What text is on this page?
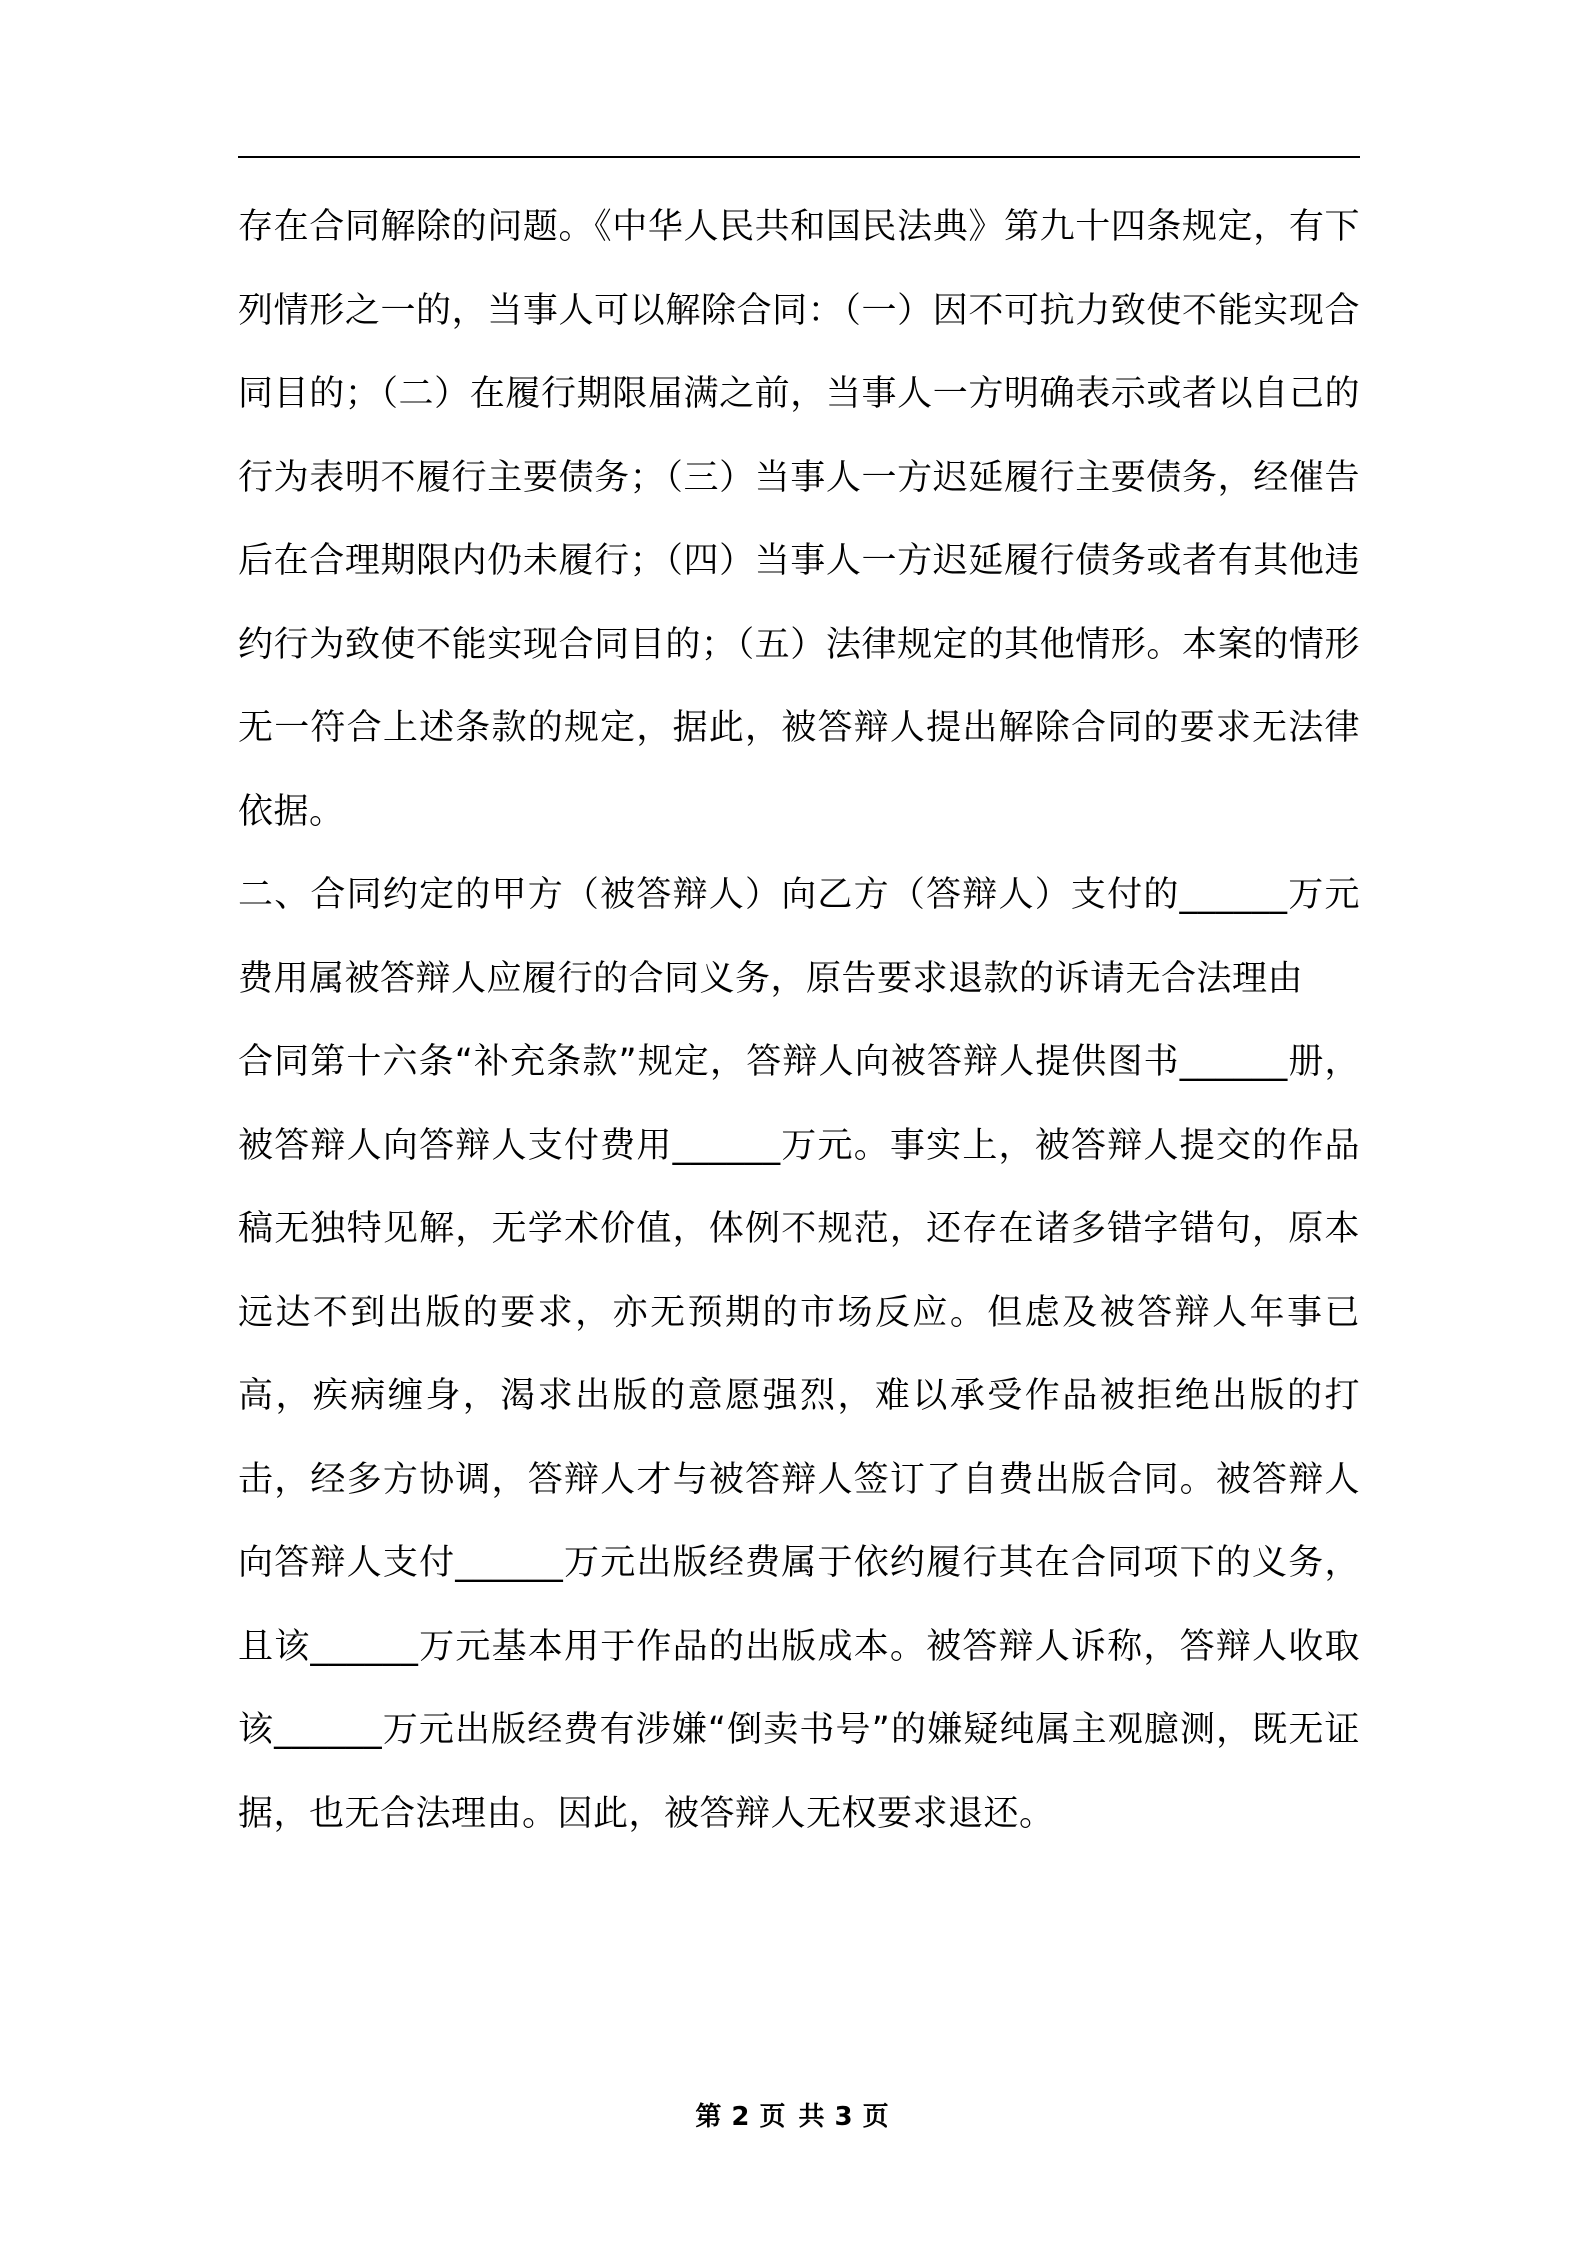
存在合同解除的问题。《中华人民共和国民法典》第九十四条规定，有下列情形之一的，当事人可以解除合同：（一）因不可抗力致使不能实现合同目的；（二）在履行期限届满之前，当事人一方明确表示或者以自己的行为表明不履行主要债务；（三）当事人一方迟延履行主要债务，经催告后在合理期限内仍未履行；（四）当事人一方迟延履行债务或者有其他违约行为致使不能实现合同目的；（五）法律规定的其他情形。本案的情形无一符合上述条款的规定，据此，被答辩人提出解除合同的要求无法律依据。

二、合同约定的甲方（被答辩人）向乙方（答辩人）支付的______万元费用属被答辩人应履行的合同义务，原告要求退款的诉请无合法理由

合同第十六条“补充条款”规定，答辩人向被答辩人提供图书______册，被答辩人向答辩人支付费用______万元。事实上，被答辩人提交的作品稿无独特见解，无学术价值，体例不规范，还存在诸多错字错句，原本远达不到出版的要求，亦无预期的市场反应。但虑及被答辩人年事已高，疾病缠身，渴求出版的意愿强烈，难以承受作品被拒绝出版的打击，经多方协调，答辩人才与被答辩人签订了自费出版合同。被答辩人向答辩人支付______万元出版经费属于依约履行其在合同项下的义务，且该______万元基本用于作品的出版成本。被答辩人诉称，答辩人收取该______万元出版经费有涉嫌“倒卖书号”的嫌疑纯属主观臆测，既无证据，也无合法理由。因此，被答辩人无权要求退还。

第 2 页 共 3 页
